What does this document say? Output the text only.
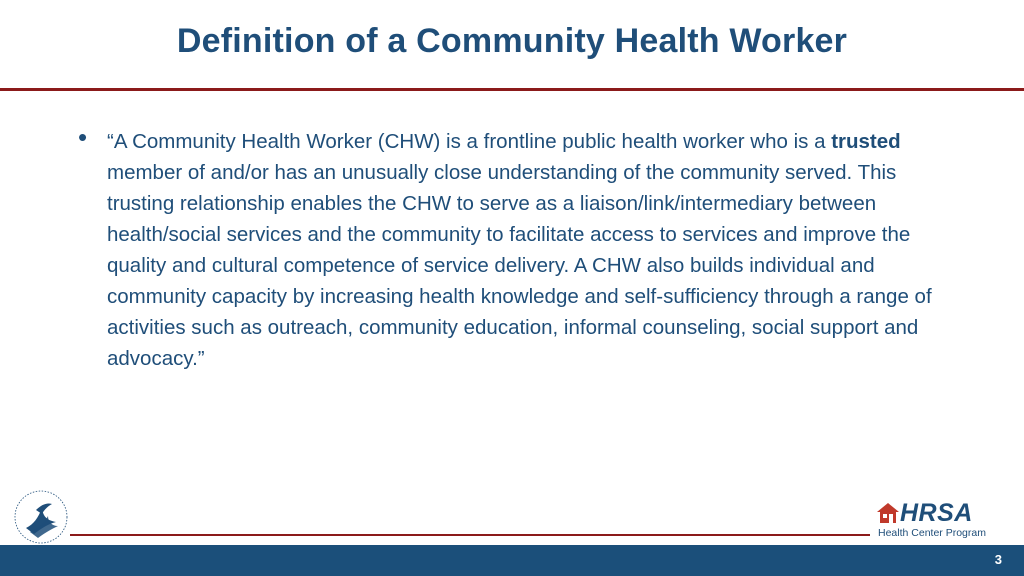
Definition of a Community Health Worker
• “A Community Health Worker (CHW) is a frontline public health worker who is a trusted member of and/or has an unusually close understanding of the community served. This trusting relationship enables the CHW to serve as a liaison/link/intermediary between health/social services and the community to facilitate access to services and improve the quality and cultural competence of service delivery. A CHW also builds individual and community capacity by increasing health knowledge and self-sufficiency through a range of activities such as outreach, community education, informal counseling, social support and advocacy.”
HRSA
Health Center Program
3
